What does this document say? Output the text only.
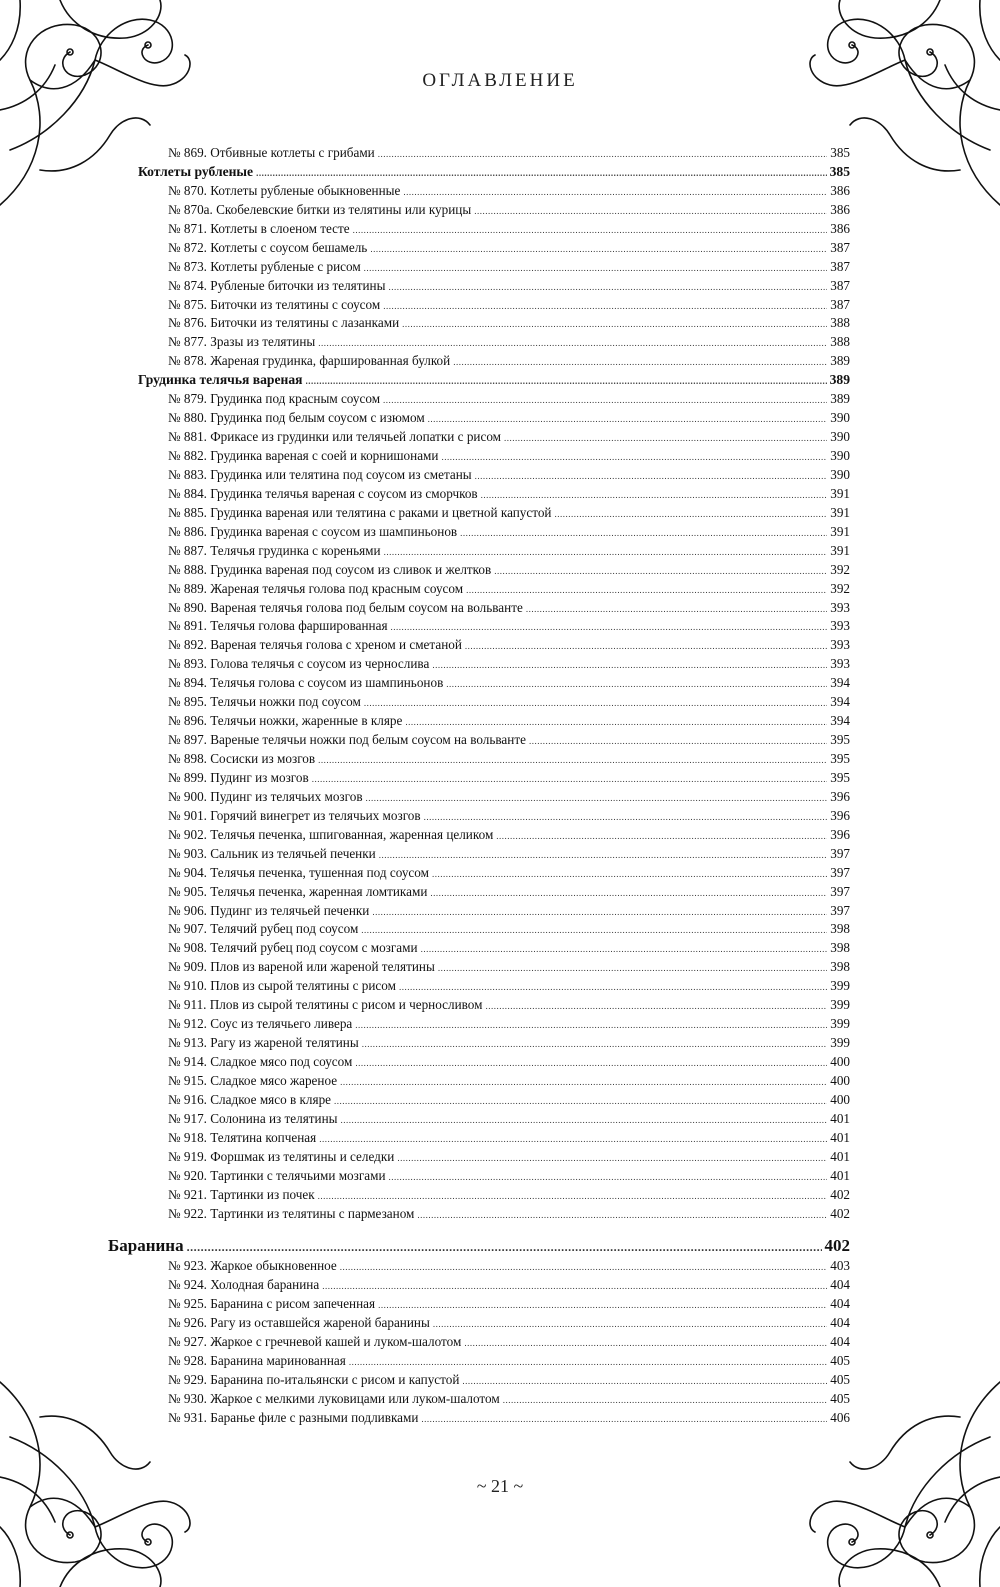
ОГЛАВЛЕНИЕ
№ 869. Отбивные котлеты с грибами .....	385
Котлеты рубленые .....	385
№ 870. Котлеты рубленые обыкновенные .....	386
№ 870а. Скобелевские битки из телятины или курицы .....	386
№ 871. Котлеты в слоеном тесте .....	386
№ 872. Котлеты с соусом бешамель .....	387
№ 873. Котлеты рубленые с рисом .....	387
№ 874. Рубленые биточки из телятины .....	387
№ 875. Биточки из телятины с соусом .....	387
№ 876. Биточки из телятины с лазанками .....	388
№ 877. Зразы из телятины .....	388
№ 878. Жареная грудинка, фаршированная булкой .....	389
Грудинка телячья вареная .....	389
№ 879. Грудинка под красным соусом .....	389
№ 880. Грудинка под белым соусом с изюмом .....	390
№ 881. Фрикасе из грудинки или телячьей лопатки с рисом .....	390
№ 882. Грудинка вареная с соей и корнишонами .....	390
№ 883. Грудинка или телятина под соусом из сметаны .....	390
№ 884. Грудинка телячья вареная с соусом из сморчков .....	391
№ 885. Грудинка вареная или телятина с раками и цветной капустой .....	391
№ 886. Грудинка вареная с соусом из шампиньонов .....	391
№ 887. Телячья грудинка с кореньями .....	391
№ 888. Грудинка вареная под соусом из сливок и желтков .....	392
№ 889. Жареная телячья голова под красным соусом .....	392
№ 890. Вареная телячья голова под белым соусом на вольванте .....	393
№ 891. Телячья голова фаршированная .....	393
№ 892. Вареная телячья голова с хреном и сметаной .....	393
№ 893. Голова телячья с соусом из чернослива .....	393
№ 894. Телячья голова с соусом из шампиньонов .....	394
№ 895. Телячьи ножки под соусом .....	394
№ 896. Телячьи ножки, жаренные в кляре .....	394
№ 897. Вареные телячьи ножки под белым соусом на вольванте .....	395
№ 898. Сосиски из мозгов .....	395
№ 899. Пудинг из мозгов .....	395
№ 900. Пудинг из телячьих мозгов .....	396
№ 901. Горячий винегрет из телячьих мозгов .....	396
№ 902. Телячья печенка, шпигованная, жаренная целиком .....	396
№ 903. Сальник из телячьей печенки .....	397
№ 904. Телячья печенка, тушенная под соусом .....	397
№ 905. Телячья печенка, жаренная ломтиками .....	397
№ 906. Пудинг из телячьей печенки .....	397
№ 907. Телячий рубец под соусом .....	398
№ 908. Телячий рубец под соусом с мозгами .....	398
№ 909. Плов из вареной или жареной телятины .....	398
№ 910. Плов из сырой телятины с рисом .....	399
№ 911. Плов из сырой телятины с рисом и черносливом .....	399
№ 912. Соус из телячьего ливера .....	399
№ 913. Рагу из жареной телятины .....	399
№ 914. Сладкое мясо под соусом .....	400
№ 915. Сладкое мясо жареное .....	400
№ 916. Сладкое мясо в кляре .....	400
№ 917. Солонина из телятины .....	401
№ 918. Телятина копченая .....	401
№ 919. Форшмак из телятины и селедки .....	401
№ 920. Тартинки с телячьими мозгами .....	401
№ 921. Тартинки из почек .....	402
№ 922. Тартинки из телятины с пармезаном .....	402
Баранина .....	402
№ 923. Жаркое обыкновенное .....	403
№ 924. Холодная баранина .....	404
№ 925. Баранина с рисом запеченная .....	404
№ 926. Рагу из оставшейся жареной баранины .....	404
№ 927. Жаркое с гречневой кашей и луком-шалотом .....	404
№ 928. Баранина маринованная .....	405
№ 929. Баранина по-итальянски с рисом и капустой .....	405
№ 930. Жаркое с мелкими луковицами или луком-шалотом .....	405
№ 931. Баранье филе с разными подливками .....	406
~ 21 ~
